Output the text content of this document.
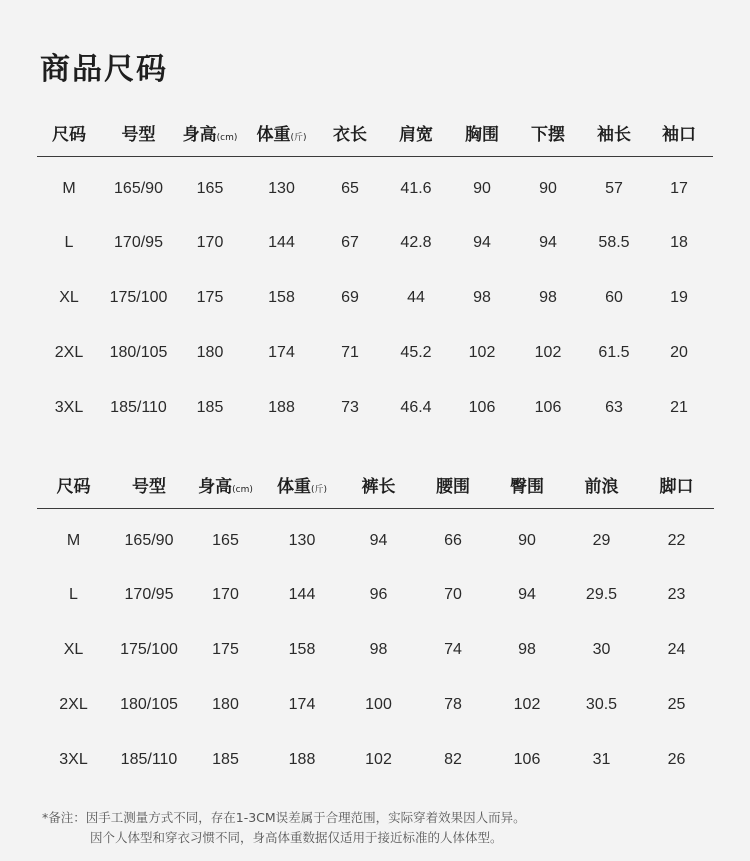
商品尺码
尺码	号型	身高(cm)	体重(斤)	衣长	肩宽	胸围	下摆	袖长	袖口
M	165/90	165	130	65	41.6	90	90	57	17
L	170/95	170	144	67	42.8	94	94	58.5	18
XL	175/100	175	158	69	44	98	98	60	19
2XL	180/105	180	174	71	45.2	102	102	61.5	20
3XL	185/110	185	188	73	46.4	106	106	63	21
尺码	号型	身高(cm)	体重(斤)	裤长	腰围	臀围	前浪	脚口
M	165/90	165	130	94	66	90	29	22
L	170/95	170	144	96	70	94	29.5	23
XL	175/100	175	158	98	74	98	30	24
2XL	180/105	180	174	100	78	102	30.5	25
3XL	185/110	185	188	102	82	106	31	26
*备注：因手工测量方式不同，存在1-3CM误差属于合理范围，实际穿着效果因人而异。
因个人体型和穿衣习惯不同，身高体重数据仅适用于接近标准的人体体型。
